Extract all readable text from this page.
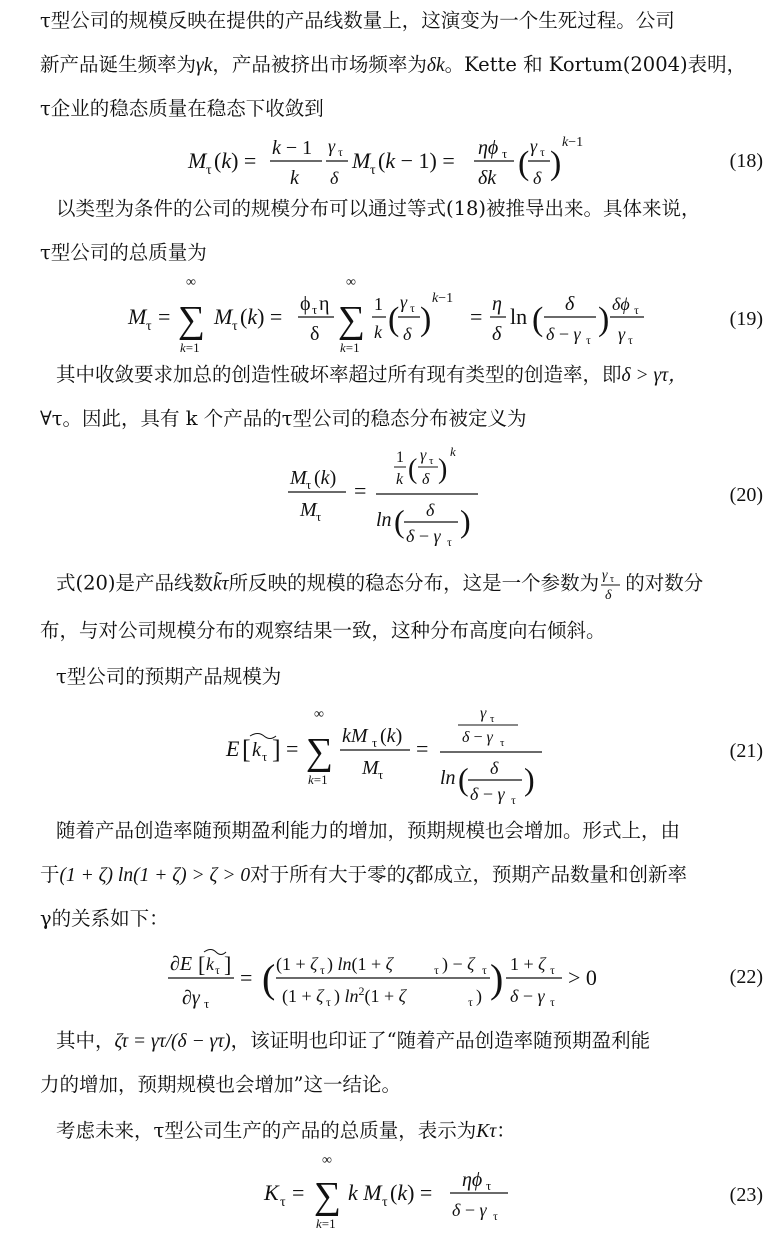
τ型公司的规模反映在提供的产品线数量上，这演变为一个生死过程。公司
新产品诞生频率为γk，产品被挤出市场频率为δk。Kette 和 Kortum(2004)表明，
τ企业的稳态质量在稳态下收敛到
M τ (k) = k − 1
k
γ τ
δ
M τ (k − 1) = ηϕ τ
δk ( γ τ
δ )
k−1
(18)
以类型为条件的公司的规模分布可以通过等式(18)被推导出来。具体来说，
τ型公司的总质量为
M τ =
∞
∑
k=1
M τ (k) = ϕ τ η
δ
∞
∑
k=1
1
k ( γ τ
δ )
k−1
= η
δ
ln ( δ
δ − γ τ
) δϕ τ
γ τ
(19)
其中收敛要求加总的创造性破坏率超过所有现有类型的创造率，即δ > γτ，
∀τ。因此，具有 k 个产品的τ型公司的稳态分布被定义为
M τ (k)
M τ
=
1
k ( γ τ
δ )
k
ln ( δ
δ − γ τ
)
(20)
式(20)是产品线数k̃τ所反映的规模的稳态分布，这是一个参数为 γ τ
δ
的对数分
布，与对公司规模分布的观察结果一致，这种分布高度向右倾斜。
τ型公司的预期产品规模为
E [ k τ ] =
∞
∑
k=1
kM τ (k)
M τ
=
γ τ
δ − γ τ
ln ( δ
δ − γ τ
)
(21)
随着产品创造率随预期盈利能力的增加，预期规模也会增加。形式上，由
于(1 + ζ) ln(1 + ζ) > ζ > 0对于所有大于零的ζ都成立，预期产品数量和创新率
γ的关系如下：
∂E [ k τ ]
∂γ τ
= ( (1 + ζ τ ) ln(1 + ζ	τ ) − ζ τ
(1 + ζ τ ) $\ln^2(1 + \zeta$	τ ) ) 1 + ζ τ
δ − γ τ
> 0	(22)
其中，ζτ = γτ/(δ − γτ)，该证明也印证了“随着产品创造率随预期盈利能
力的增加，预期规模也会增加”这一结论。
考虑未来，τ型公司生产的产品的总质量，表示为Kτ：
K τ =
∞
∑
k=1
k M τ (k) = ηϕ τ
δ − γ τ
(23)
